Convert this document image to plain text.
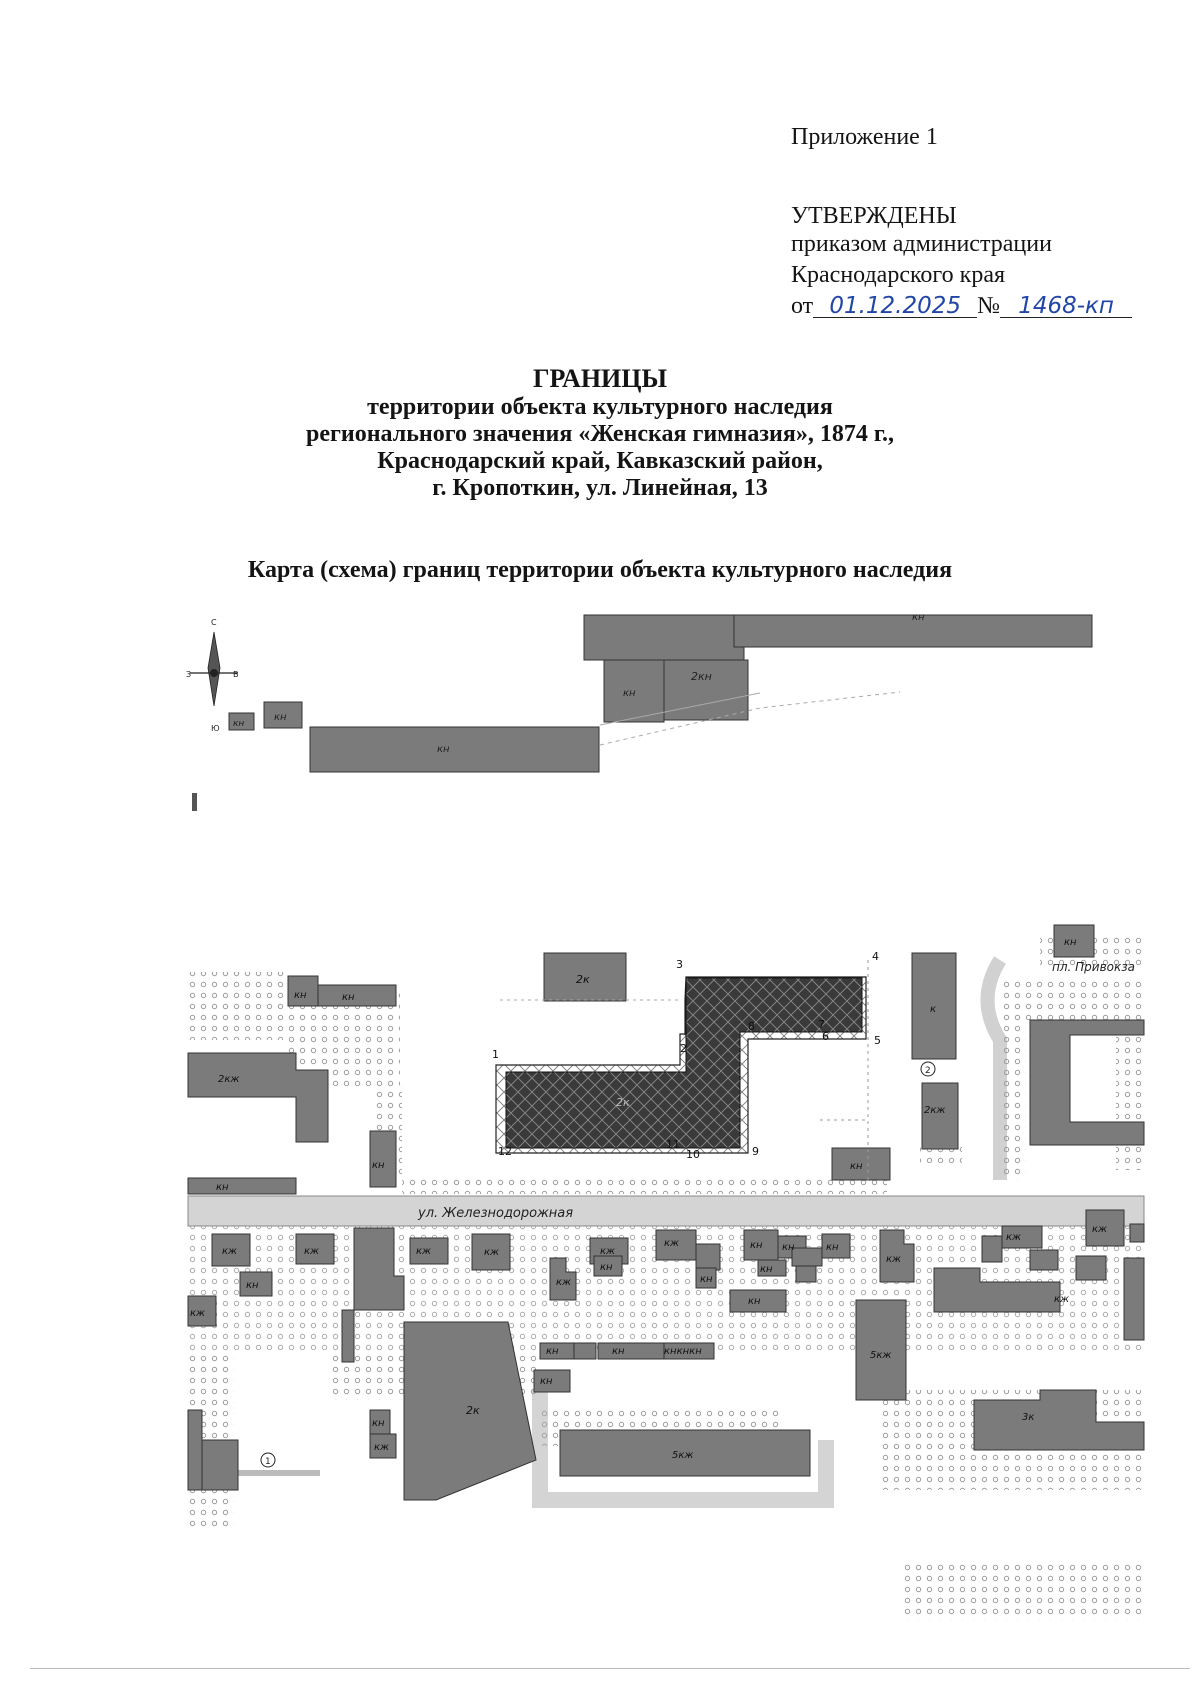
Приложение 1
УТВЕРЖДЕНЫ
приказом администрации
Краснодарского края
от 01.12.2025 № 1468-кп
ГРАНИЦЫ
территории объекта культурного наследия
регионального значения «Женская гимназия», 1874 г.,
Краснодарский край, Кавказский район,
г. Кропоткин, ул. Линейная, 13
Карта (схема) границ территории объекта культурного наследия
кн
2кн
кн
кн
кн
кн
С
Ю
З	В
2к
1	2
3
4
5
6
7
8
9
10
11
12
2
ул. Железнодорожная
пл. Привокза
1
кн
2к
кн	кн
к
2кж
2кж
кн
кн
кн
кж	кж
кн
кж
кж	кж
кж
кж
кн
кж
кн
кн
кн
кн
кн	кн
кж
5кж
кж
кж
кж
3к
кн	кн	кнкнкн
кн
5кж
2к
кн
кж
